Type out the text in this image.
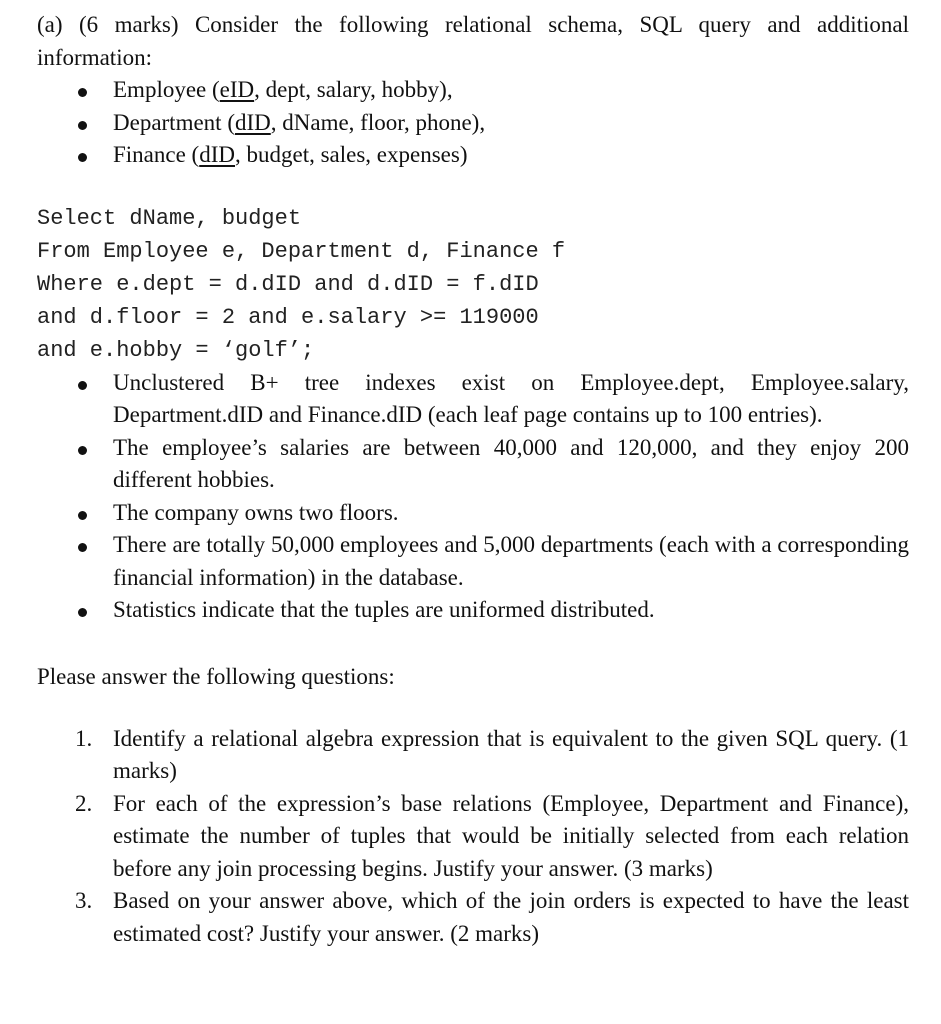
(a) (6 marks) Consider the following relational schema, SQL query and additional information:

Employee (eID, dept, salary, hobby),
Department (dID, dName, floor, phone),
Finance (dID, budget, sales, expenses)
Select dName, budget
From Employee e, Department d, Finance f
Where e.dept = d.dID and d.dID = f.dID
and d.floor = 2 and e.salary >= 119000
and e.hobby = ‘golf’;
Unclustered B+ tree indexes exist on Employee.dept, Employee.salary, Department.dID and Finance.dID (each leaf page contains up to 100 entries).
The employee’s salaries are between 40,000 and 120,000, and they enjoy 200 different hobbies.
The company owns two floors.
There are totally 50,000 employees and 5,000 departments (each with a corresponding financial information) in the database.
Statistics indicate that the tuples are uniformed distributed.

Please answer the following questions:

1. Identify a relational algebra expression that is equivalent to the given SQL query. (1 marks)
2. For each of the expression’s base relations (Employee, Department and Finance), estimate the number of tuples that would be initially selected from each relation before any join processing begins. Justify your answer. (3 marks)
3. Based on your answer above, which of the join orders is expected to have the least estimated cost? Justify your answer. (2 marks)
